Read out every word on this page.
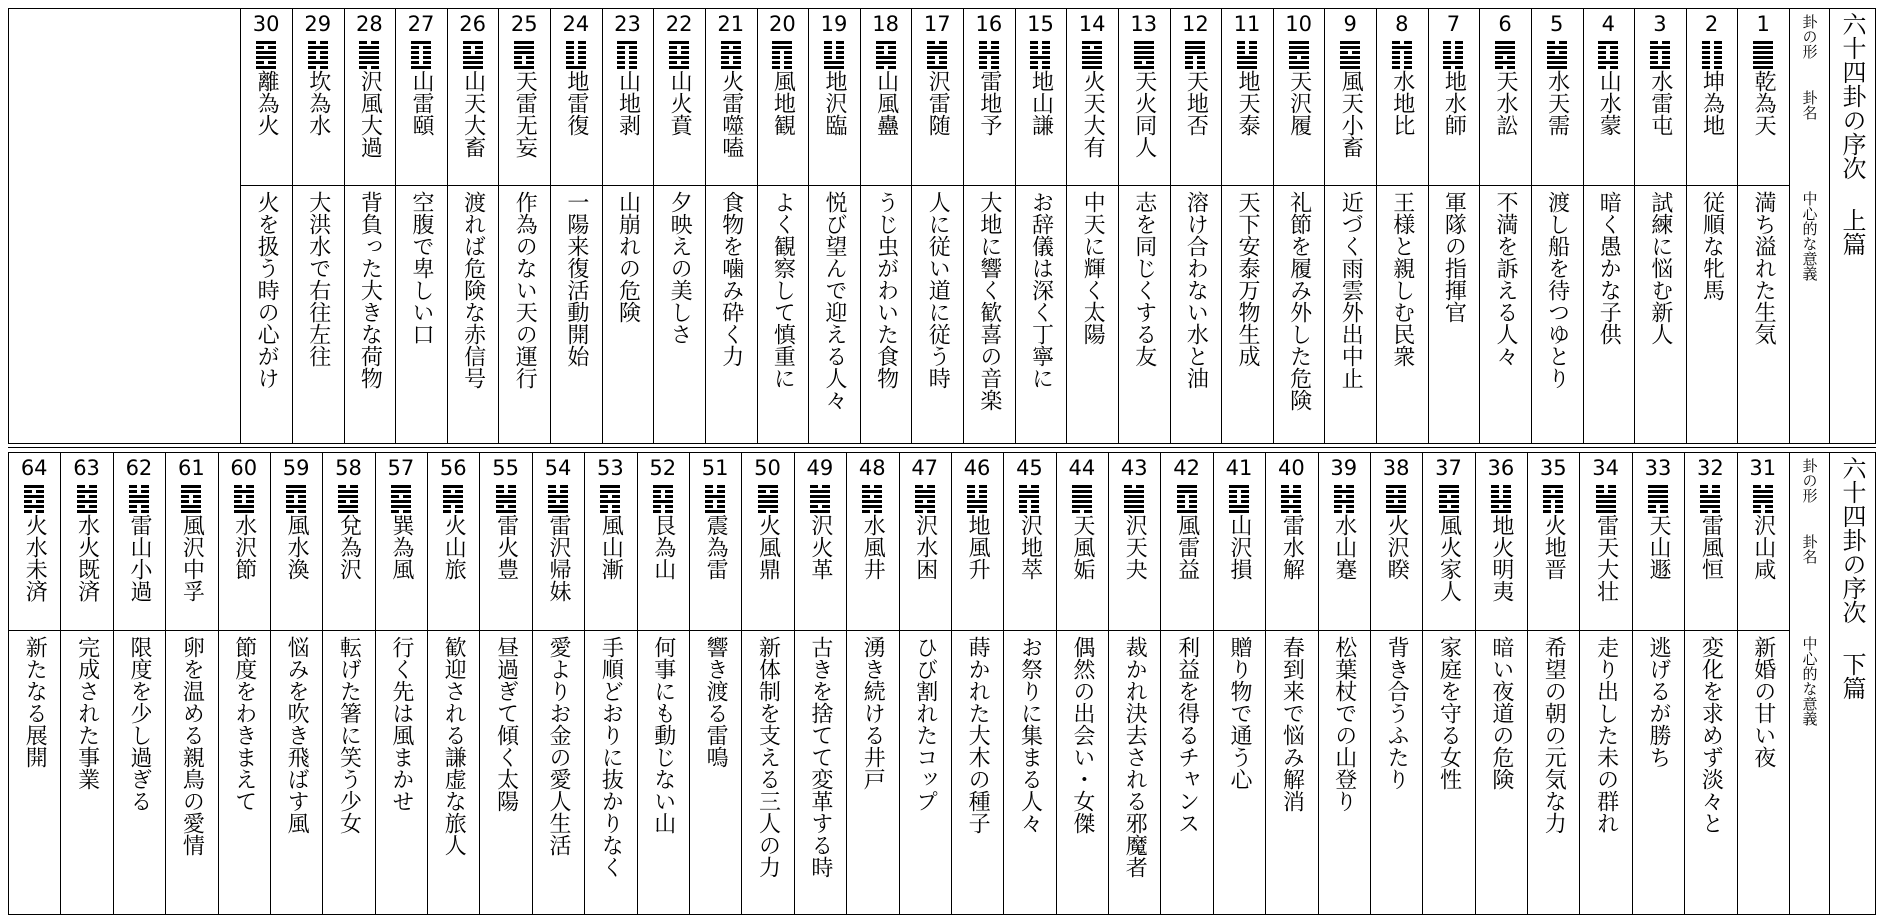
六十四卦の序次 上篇
卦の形
卦名
中心的な意義
1
乾為天
満ち溢れた生気
2
坤為地
従順な牝馬
3
水雷屯
試練に悩む新人
4
山水蒙
暗く愚かな子供
5
水天需
渡し船を待つゆとり
6
天水訟
不満を訴える人々
7
地水師
軍隊の指揮官
8
水地比
王様と親しむ民衆
9
風天小畜
近づく雨雲外出中止
10
天沢履
礼節を履み外した危険
11
地天泰
天下安泰万物生成
12
天地否
溶け合わない水と油
13
天火同人
志を同じくする友
14
火天大有
中天に輝く太陽
15
地山謙
お辞儀は深く丁寧に
16
雷地予
大地に響く歓喜の音楽
17
沢雷随
人に従い道に従う時
18
山風蠱
うじ虫がわいた食物
19
地沢臨
悦び望んで迎える人々
20
風地観
よく観察して慎重に
21
火雷噬嗑
食物を噛み砕く力
22
山火賁
夕映えの美しさ
23
山地剥
山崩れの危険
24
地雷復
一陽来復活動開始
25
天雷无妄
作為のない天の運行
26
山天大畜
渡れば危険な赤信号
27
山雷頤
空腹で卑しい口
28
沢風大過
背負った大きな荷物
29
坎為水
大洪水で右往左往
30
離為火
火を扱う時の心がけ
六十四卦の序次 下篇
卦の形
卦名
中心的な意義
31
沢山咸
新婚の甘い夜
32
雷風恒
変化を求めず淡々と
33
天山遯
逃げるが勝ち
34
雷天大壮
走り出した未の群れ
35
火地晋
希望の朝の元気な力
36
地火明夷
暗い夜道の危険
37
風火家人
家庭を守る女性
38
火沢睽
背き合うふたり
39
水山蹇
松葉杖での山登り
40
雷水解
春到来で悩み解消
41
山沢損
贈り物で通う心
42
風雷益
利益を得るチャンス
43
沢天夬
裁かれ決去される邪魔者
44
天風姤
偶然の出会い・女傑
45
沢地萃
お祭りに集まる人々
46
地風升
蒔かれた大木の種子
47
沢水困
ひび割れたコップ
48
水風井
湧き続ける井戸
49
沢火革
古きを捨てて変革する時
50
火風鼎
新体制を支える三人の力
51
震為雷
響き渡る雷鳴
52
艮為山
何事にも動じない山
53
風山漸
手順どおりに抜かりなく
54
雷沢帰妹
愛よりお金の愛人生活
55
雷火豊
昼過ぎて傾く太陽
56
火山旅
歓迎される謙虚な旅人
57
巽為風
行く先は風まかせ
58
兌為沢
転げた箸に笑う少女
59
風水渙
悩みを吹き飛ばす風
60
水沢節
節度をわきまえて
61
風沢中孚
卵を温める親鳥の愛情
62
雷山小過
限度を少し過ぎる
63
水火既済
完成された事業
64
火水未済
新たなる展開
